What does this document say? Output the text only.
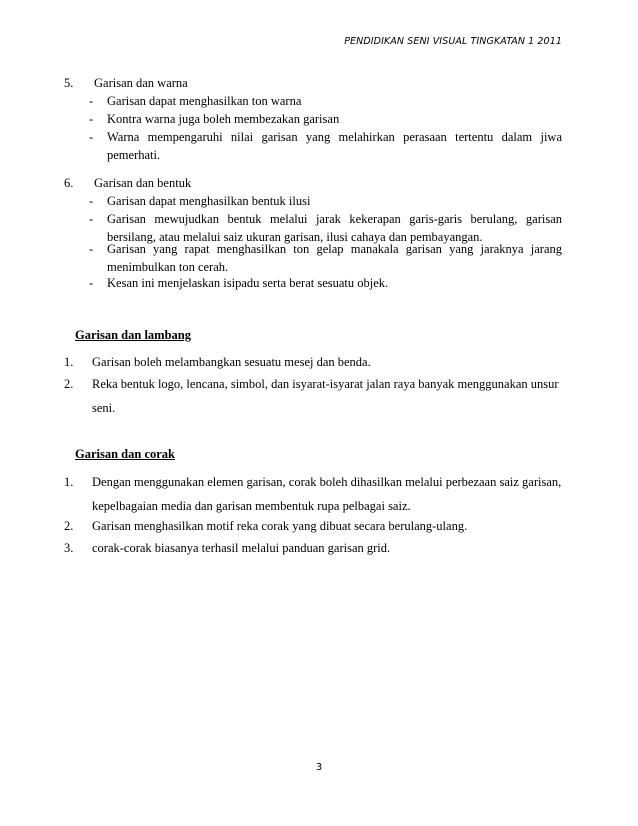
PENDIDIKAN SENI VISUAL TINGKATAN 1 2011
5. Garisan dan warna
- Garisan dapat menghasilkan ton warna
- Kontra warna juga boleh membezakan garisan
- Warna mempengaruhi nilai garisan yang melahirkan perasaan tertentu dalam jiwa pemerhati.
6. Garisan dan bentuk
- Garisan dapat menghasilkan bentuk ilusi
- Garisan mewujudkan bentuk melalui jarak kekerapan garis-garis berulang, garisan bersilang, atau melalui saiz ukuran garisan, ilusi cahaya dan pembayangan.
- Garisan yang rapat menghasilkan ton gelap manakala garisan yang jaraknya jarang menimbulkan ton cerah.
- Kesan ini menjelaskan isipadu serta berat sesuatu objek.
Garisan dan lambang
1. Garisan boleh melambangkan sesuatu mesej dan benda.
2. Reka bentuk logo, lencana, simbol, dan isyarat-isyarat jalan raya banyak menggunakan unsur seni.
Garisan dan corak
1. Dengan menggunakan elemen garisan, corak boleh dihasilkan melalui perbezaan saiz garisan, kepelbagaian media dan garisan membentuk rupa pelbagai saiz.
2. Garisan menghasilkan motif reka corak yang dibuat secara berulang-ulang.
3. corak-corak biasanya terhasil melalui panduan garisan grid.
3
